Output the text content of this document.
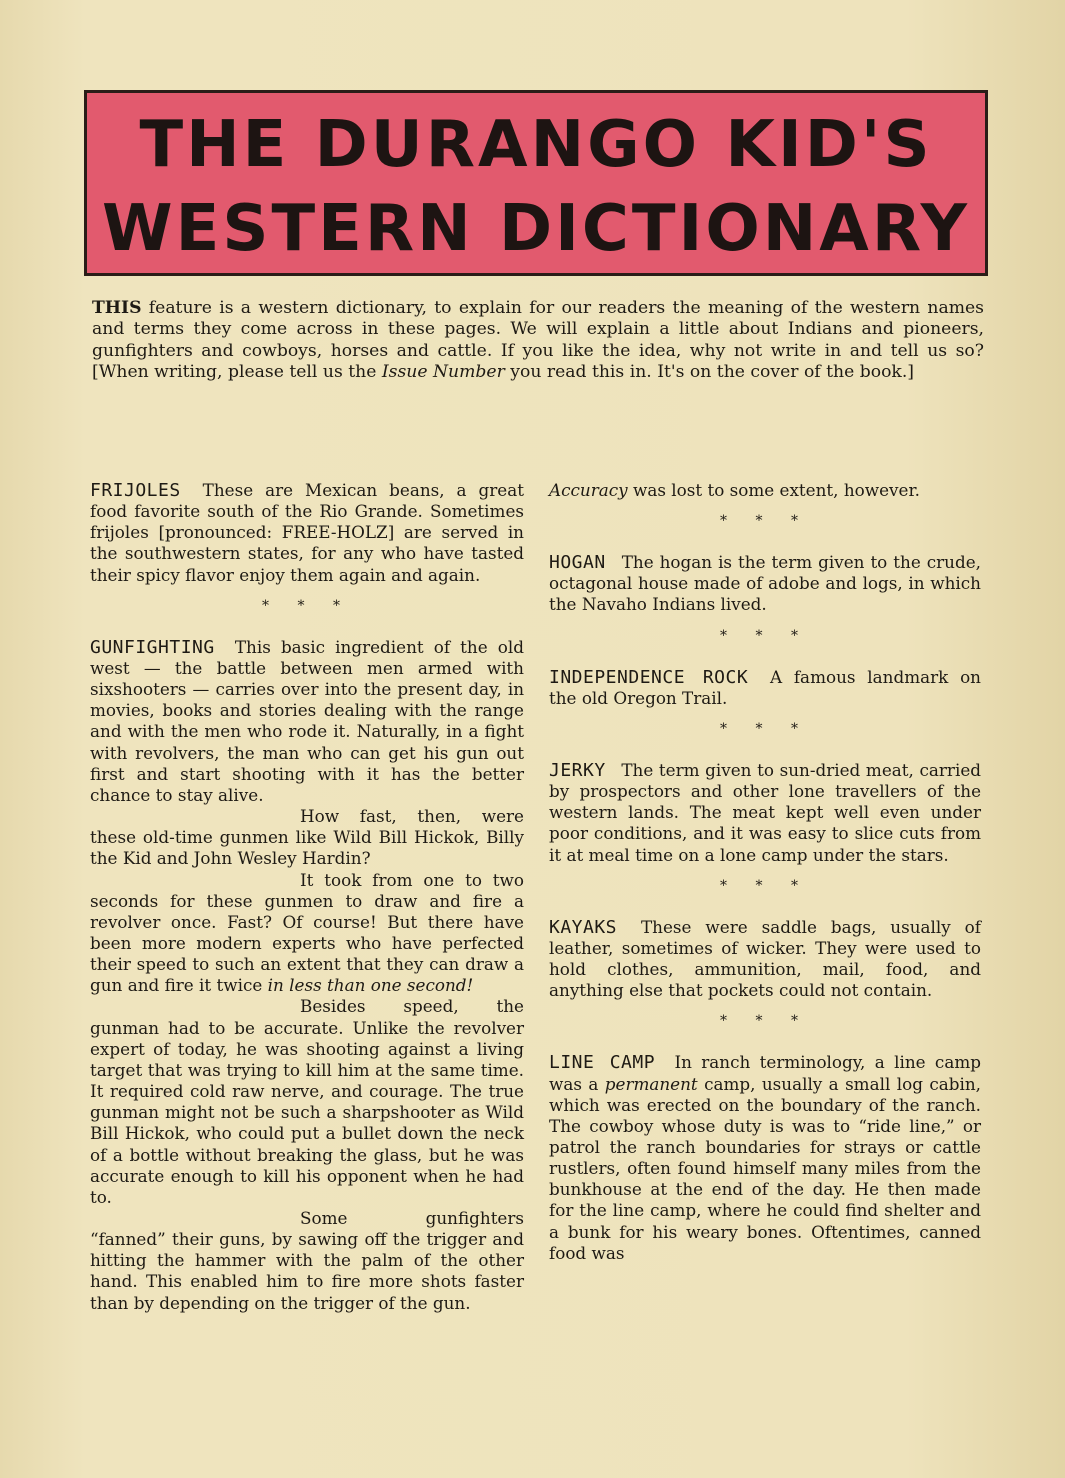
THE DURANGO KID'S
WESTERN DICTIONARY
THIS feature is a western dictionary, to explain for our readers the meaning of the western names and terms they come across in these pages. We will explain a little about Indians and pioneers, gunfighters and cowboys, horses and cattle. If you like the idea, why not write in and tell us so? [When writing, please tell us the Issue Number you read this in. It's on the cover of the book.]

FRIJOLES These are Mexican beans, a great food favorite south of the Rio Grande. Sometimes frijoles [pronounced: FREE-HOLZ] are served in the southwestern states, for any who have tasted their spicy flavor enjoy them again and again.

* * *

GUNFIGHTING This basic ingredient of the old west — the battle between men armed with sixshooters — carries over into the present day, in movies, books and stories dealing with the range and with the men who rode it. Naturally, in a fight with revolvers, the man who can get his gun out first and start shooting with it has the better chance to stay alive.

How fast, then, were these old-time gunmen like Wild Bill Hickok, Billy the Kid and John Wesley Hardin?
It took from one to two seconds for these gunmen to draw and fire a revolver once. Fast? Of course! But there have been more modern experts who have perfected their speed to such an extent that they can draw a gun and fire it twice in less than one second!
Besides speed, the gunman had to be accurate. Unlike the revolver expert of today, he was shooting against a living target that was trying to kill him at the same time. It required cold raw nerve, and courage. The true gunman might not be such a sharpshooter as Wild Bill Hickok, who could put a bullet down the neck of a bottle without breaking the glass, but he was accurate enough to kill his opponent when he had to.
Some gunfighters “fanned” their guns, by sawing off the trigger and hitting the hammer with the palm of the other hand. This enabled him to fire more shots faster than by depending on the trigger of the gun.

Accuracy was lost to some extent, however.

* * *

HOGAN The hogan is the term given to the crude, octagonal house made of adobe and logs, in which the Navaho Indians lived.

* * *

INDEPENDENCE ROCK A famous landmark on the old Oregon Trail.

* * *

JERKY The term given to sun-dried meat, carried by prospectors and other lone travellers of the western lands. The meat kept well even under poor conditions, and it was easy to slice cuts from it at meal time on a lone camp under the stars.

* * *

KAYAKS These were saddle bags, usually of leather, sometimes of wicker. They were used to hold clothes, ammunition, mail, food, and anything else that pockets could not contain.

* * *

LINE CAMP In ranch terminology, a line camp was a permanent camp, usually a small log cabin, which was erected on the boundary of the ranch. The cowboy whose duty is was to “ride line,” or patrol the ranch boundaries for strays or cattle rustlers, often found himself many miles from the bunkhouse at the end of the day. He then made for the line camp, where he could find shelter and a bunk for his weary bones. Oftentimes, canned food was
